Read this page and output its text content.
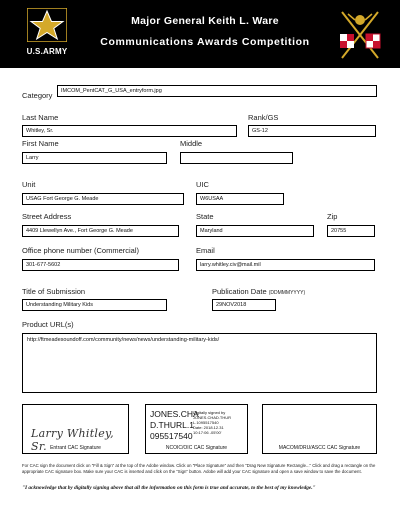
U.S.ARMY
Major General Keith L. Ware
Communications Awards Competition
Category	IMCOM_PentCAT_G_USA_entryform.jpg
Last Name	Rank/GS
Whitley, Sr.	GS-12
First Name	Middle
Larry
Unit	UIC
USAG Fort George G. Meade	W6USAA
Street Address	State	Zip
4409 Llewellyn Ave., Fort George G. Meade	Maryland	20755
Office phone number (Commercial)	Email
301-677-5602	larry.whitley.civ@mail.mil
Title of Submission	Publication Date (DDMMMYYYY)
Understanding Military Kids	29NOV2018
Product URL(s)
http://ftmeadesoundoff.com/community/news/news/understanding-military-kids/
Larry Whitley, Sr. Entrant CAC Signature
JONES.CHA
D.THURL.1
095517540
Digitally signed by
JONES.CHAD.THUR
L.1095517540
Date: 2018.12.31
10:17:06 -05'00'
NCOIC/OIC CAC Signature	MACOM/DRU/ASCC CAC Signature
For CAC sign the document click on "Fill & Sign" at the top of the Adobe window. Click on "Place Signature" and then "Drag New Signature Rectangle..." Click and drag a rectangle on the appropriate CAC signature box. Make sure your CAC is inserted and click on the "Sign" button. Adobe will add your CAC signature and open a save window to save the document.
"I acknowledge that by digitally signing above that all the information on this form is true and accurate, to the best of my knowledge."
